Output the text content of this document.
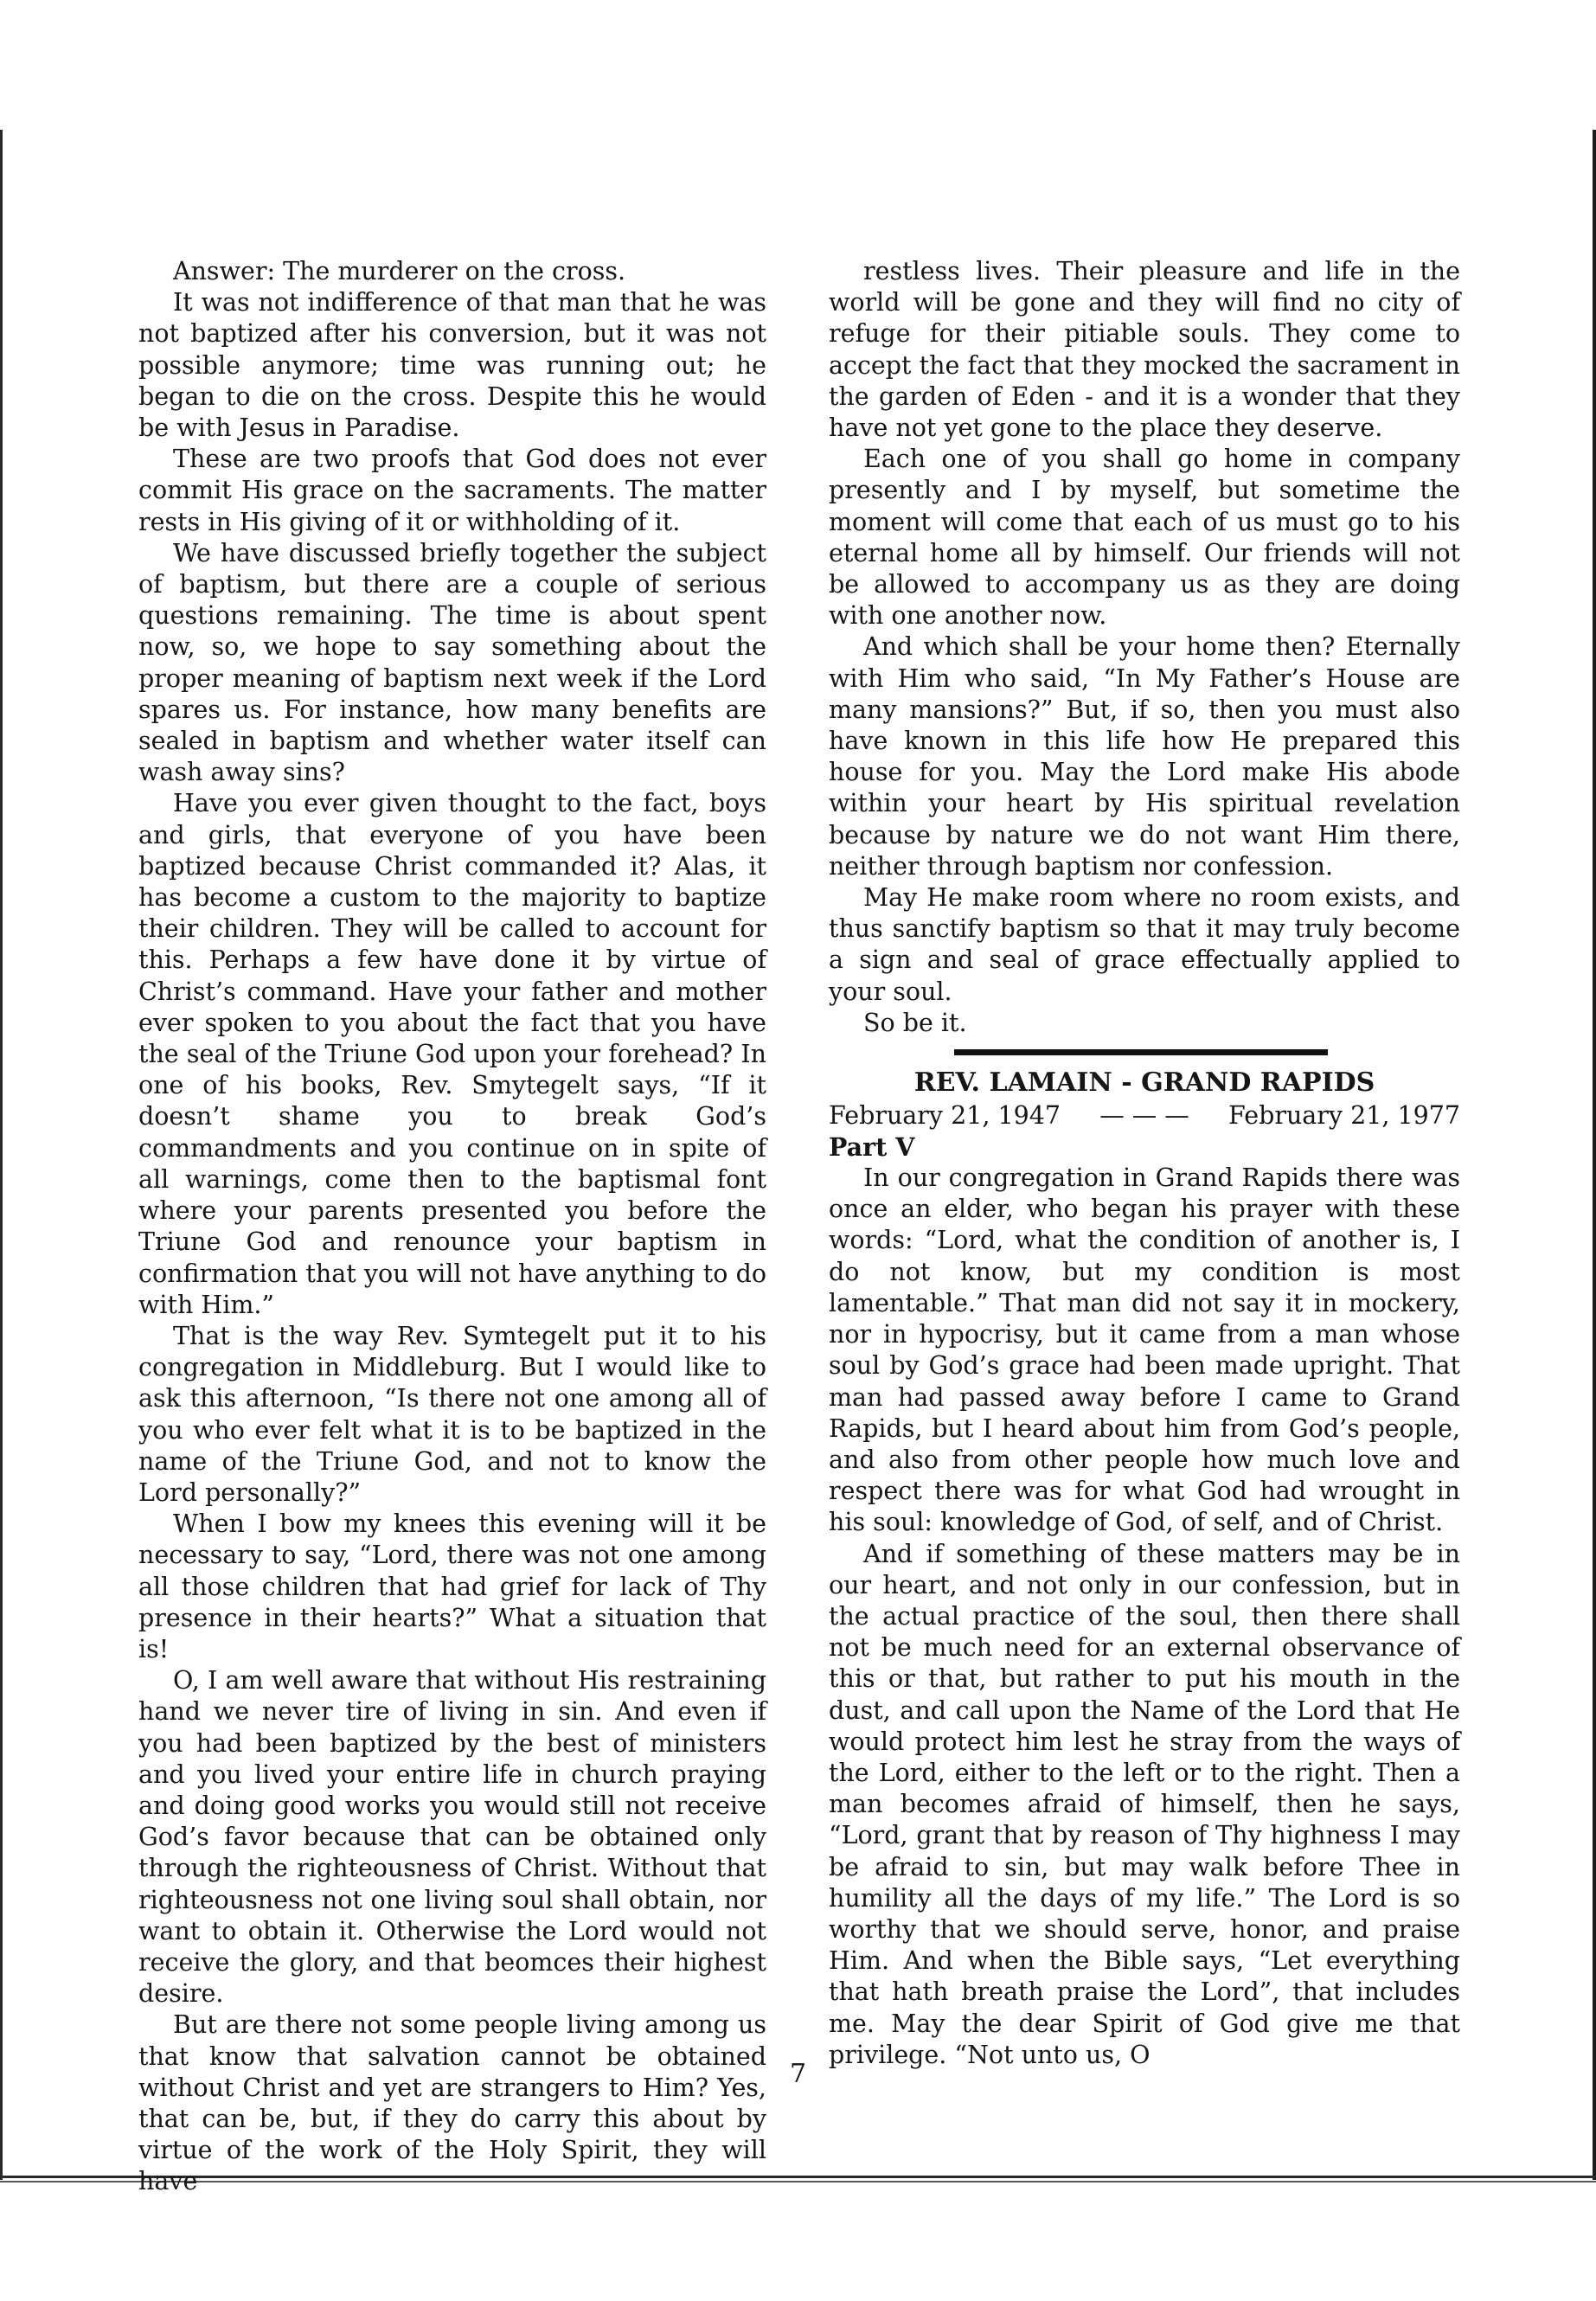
Answer: The murderer on the cross.

It was not indifference of that man that he was not baptized after his conversion, but it was not possible anymore; time was running out; he began to die on the cross. Despite this he would be with Jesus in Paradise.

These are two proofs that God does not ever commit His grace on the sacraments. The matter rests in His giving of it or withholding of it.

We have discussed briefly together the subject of baptism, but there are a couple of serious questions remaining. The time is about spent now, so, we hope to say something about the proper meaning of baptism next week if the Lord spares us. For instance, how many benefits are sealed in baptism and whether water itself can wash away sins?

Have you ever given thought to the fact, boys and girls, that everyone of you have been baptized because Christ commanded it? Alas, it has become a custom to the majority to baptize their children. They will be called to account for this. Perhaps a few have done it by virtue of Christ’s command. Have your father and mother ever spoken to you about the fact that you have the seal of the Triune God upon your forehead? In one of his books, Rev. Smytegelt says, “If it doesn’t shame you to break God’s commandments and you continue on in spite of all warnings, come then to the baptismal font where your parents presented you before the Triune God and renounce your baptism in confirmation that you will not have anything to do with Him.”

That is the way Rev. Symtegelt put it to his congregation in Middleburg. But I would like to ask this afternoon, “Is there not one among all of you who ever felt what it is to be baptized in the name of the Triune God, and not to know the Lord personally?”

When I bow my knees this evening will it be necessary to say, “Lord, there was not one among all those children that had grief for lack of Thy presence in their hearts?” What a situation that is!

O, I am well aware that without His restraining hand we never tire of living in sin. And even if you had been baptized by the best of ministers and you lived your entire life in church praying and doing good works you would still not receive God’s favor because that can be obtained only through the righteousness of Christ. Without that righteousness not one living soul shall obtain, nor want to obtain it. Otherwise the Lord would not receive the glory, and that beomces their highest desire.

But are there not some people living among us that know that salvation cannot be obtained without Christ and yet are strangers to Him? Yes, that can be, but, if they do carry this about by virtue of the work of the Holy Spirit, they will have

restless lives. Their pleasure and life in the world will be gone and they will find no city of refuge for their pitiable souls. They come to accept the fact that they mocked the sacrament in the garden of Eden - and it is a wonder that they have not yet gone to the place they deserve.

Each one of you shall go home in company presently and I by myself, but sometime the moment will come that each of us must go to his eternal home all by himself. Our friends will not be allowed to accompany us as they are doing with one another now.

And which shall be your home then? Eternally with Him who said, “In My Father’s House are many mansions?” But, if so, then you must also have known in this life how He prepared this house for you. May the Lord make His abode within your heart by His spiritual revelation because by nature we do not want Him there, neither through baptism nor confession.

May He make room where no room exists, and thus sanctify baptism so that it may truly become a sign and seal of grace effectually applied to your soul.

So be it.

REV. LAMAIN - GRAND RAPIDS
February 21, 1947 — — — February 21, 1977
Part V

In our congregation in Grand Rapids there was once an elder, who began his prayer with these words: “Lord, what the condition of another is, I do not know, but my condition is most lamentable.” That man did not say it in mockery, nor in hypocrisy, but it came from a man whose soul by God’s grace had been made upright. That man had passed away before I came to Grand Rapids, but I heard about him from God’s people, and also from other people how much love and respect there was for what God had wrought in his soul: knowledge of God, of self, and of Christ.

And if something of these matters may be in our heart, and not only in our confession, but in the actual practice of the soul, then there shall not be much need for an external observance of this or that, but rather to put his mouth in the dust, and call upon the Name of the Lord that He would protect him lest he stray from the ways of the Lord, either to the left or to the right. Then a man becomes afraid of himself, then he says, “Lord, grant that by reason of Thy highness I may be afraid to sin, but may walk before Thee in humility all the days of my life.” The Lord is so worthy that we should serve, honor, and praise Him. And when the Bible says, “Let everything that hath breath praise the Lord”, that includes me. May the dear Spirit of God give me that privilege. “Not unto us, O

7
